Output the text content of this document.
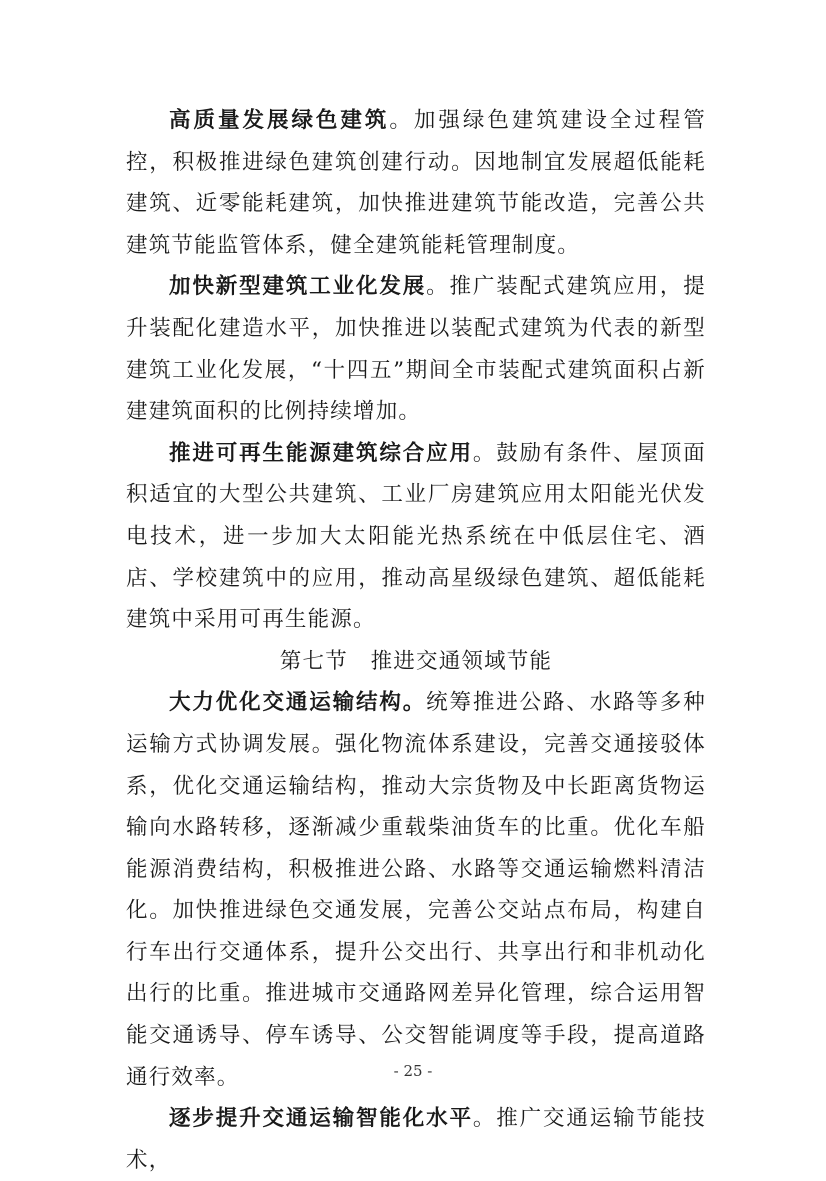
高质量发展绿色建筑。加强绿色建筑建设全过程管控，积极推进绿色建筑创建行动。因地制宜发展超低能耗建筑、近零能耗建筑，加快推进建筑节能改造，完善公共建筑节能监管体系，健全建筑能耗管理制度。

加快新型建筑工业化发展。推广装配式建筑应用，提升装配化建造水平，加快推进以装配式建筑为代表的新型建筑工业化发展，“十四五”期间全市装配式建筑面积占新建建筑面积的比例持续增加。

推进可再生能源建筑综合应用。鼓励有条件、屋顶面积适宜的大型公共建筑、工业厂房建筑应用太阳能光伏发电技术，进一步加大太阳能光热系统在中低层住宅、酒店、学校建筑中的应用，推动高星级绿色建筑、超低能耗建筑中采用可再生能源。

第七节　推进交通领域节能

大力优化交通运输结构。统筹推进公路、水路等多种运输方式协调发展。强化物流体系建设，完善交通接驳体系，优化交通运输结构，推动大宗货物及中长距离货物运输向水路转移，逐渐减少重载柴油货车的比重。优化车船能源消费结构，积极推进公路、水路等交通运输燃料清洁化。加快推进绿色交通发展，完善公交站点布局，构建自行车出行交通体系，提升公交出行、共享出行和非机动化出行的比重。推进城市交通路网差异化管理，综合运用智能交通诱导、停车诱导、公交智能调度等手段，提高道路通行效率。

逐步提升交通运输智能化水平。推广交通运输节能技术，

- 25 -
